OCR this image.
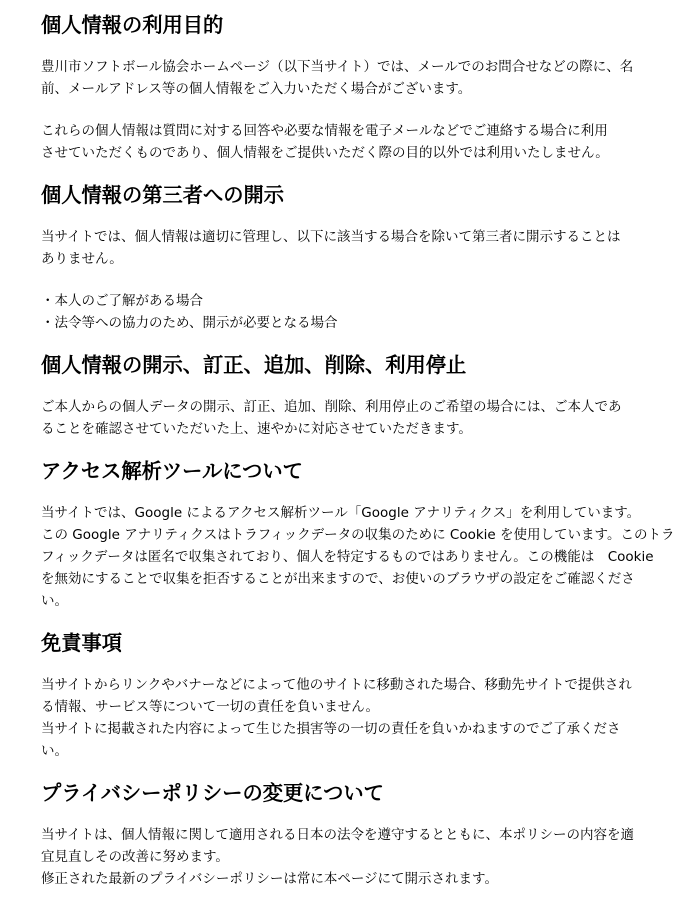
個人情報の利用目的

豊川市ソフトボール協会ホームページ（以下当サイト）では、メールでのお問合せなどの際に、名
前、メールアドレス等の個人情報をご入力いただく場合がございます。

これらの個人情報は質問に対する回答や必要な情報を電子メールなどでご連絡する場合に利用
させていただくものであり、個人情報をご提供いただく際の目的以外では利用いたしません。

個人情報の第三者への開示

当サイトでは、個人情報は適切に管理し、以下に該当する場合を除いて第三者に開示することは
ありません。

・本人のご了解がある場合
・法令等への協力のため、開示が必要となる場合

個人情報の開示、訂正、追加、削除、利用停止

ご本人からの個人データの開示、訂正、追加、削除、利用停止のご希望の場合には、ご本人であ
ることを確認させていただいた上、速やかに対応させていただきます。

アクセス解析ツールについて

当サイトでは、Google によるアクセス解析ツール「Google アナリティクス」を利用しています。
この Google アナリティクスはトラフィックデータの収集のために Cookie を使用しています。このトラ
フィックデータは匿名で収集されており、個人を特定するものではありません。この機能は　Cookie
を無効にすることで収集を拒否することが出来ますので、お使いのブラウザの設定をご確認くださ
い。

免責事項

当サイトからリンクやバナーなどによって他のサイトに移動された場合、移動先サイトで提供され
る情報、サービス等について一切の責任を負いません。
当サイトに掲載された内容によって生じた損害等の一切の責任を負いかねますのでご了承くださ
い。

プライバシーポリシーの変更について

当サイトは、個人情報に関して適用される日本の法令を遵守するとともに、本ポリシーの内容を適
宜見直しその改善に努めます。
修正された最新のプライバシーポリシーは常に本ページにて開示されます。
